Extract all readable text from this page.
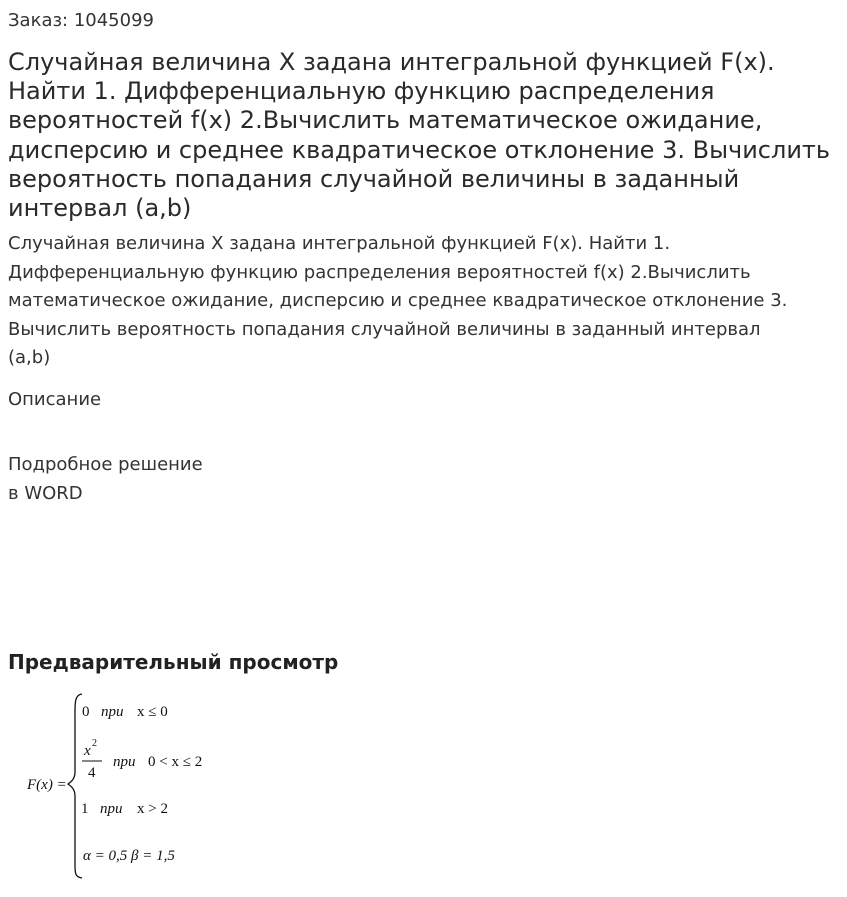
Заказ: 1045099
Случайная величина X задана интегральной функцией F(x).
Найти 1. Дифференциальную функцию распределения
вероятностей f(x) 2.Вычислить математическое ожидание,
дисперсию и среднее квадратическое отклонение 3. Вычислить
вероятность попадания случайной величины в заданный
интервал (a,b)
Случайная величина X задана интегральной функцией F(x). Найти 1.
Дифференциальную функцию распределения вероятностей f(x) 2.Вычислить
математическое ожидание, дисперсию и среднее квадратическое отклонение 3.
Вычислить вероятность попадания случайной величины в заданный интервал
(a,b)
Описание
Подробное решение
в WORD
Предварительный просмотр
F(x) =
0 при x ≤ 0
x 2
4
при 0 < x ≤ 2
1 при x > 2
α = 0,5 β = 1,5
